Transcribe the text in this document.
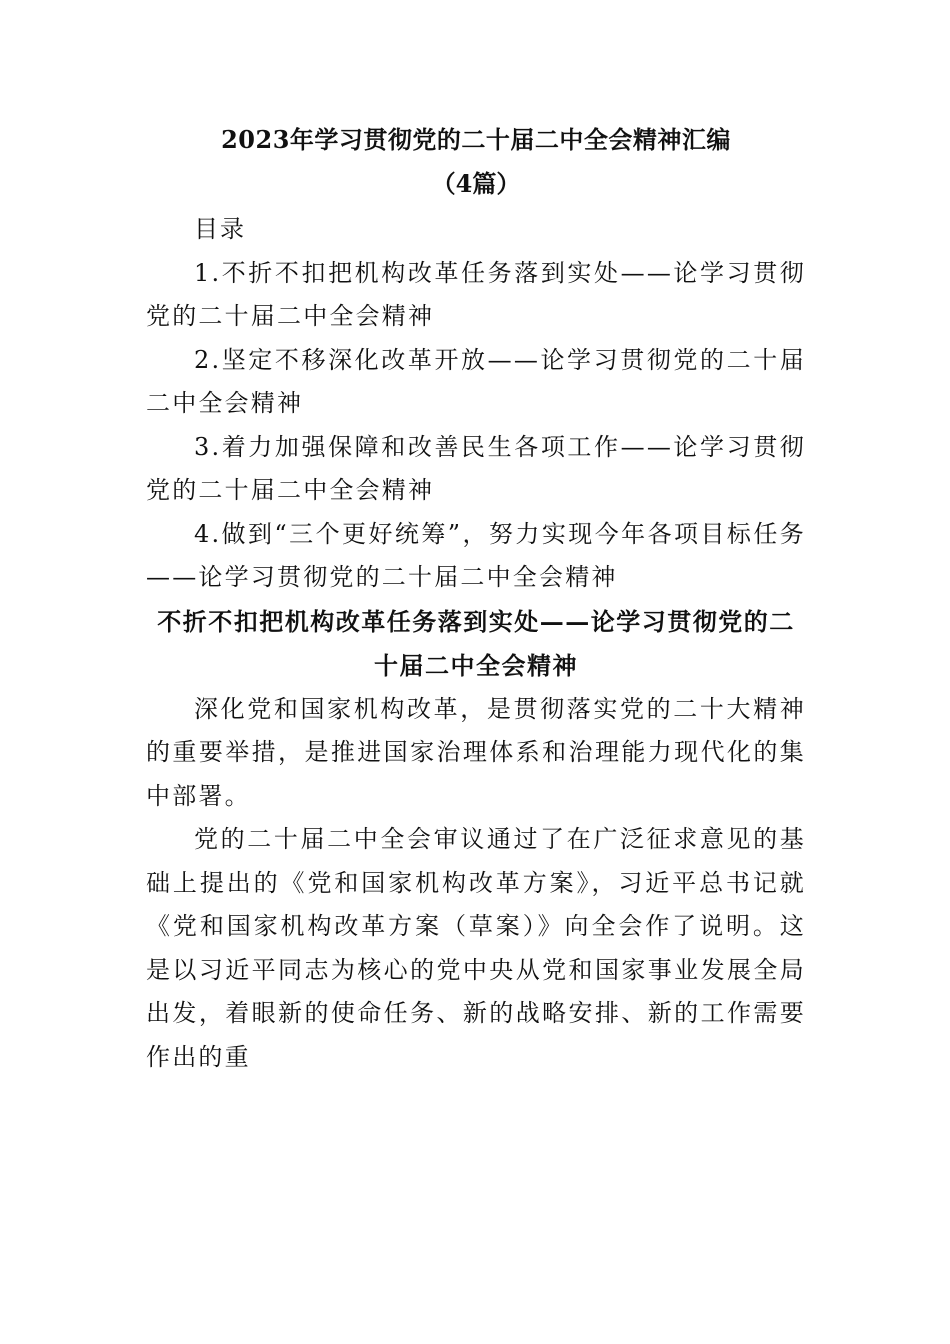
2023年学习贯彻党的二十届二中全会精神汇编
（4篇）

目录

1.不折不扣把机构改革任务落到实处——论学习贯彻党的二十届二中全会精神

2.坚定不移深化改革开放——论学习贯彻党的二十届二中全会精神

3.着力加强保障和改善民生各项工作——论学习贯彻党的二十届二中全会精神

4.做到“三个更好统筹”，努力实现今年各项目标任务——论学习贯彻党的二十届二中全会精神

不折不扣把机构改革任务落到实处——论学习贯彻党的二十届二中全会精神

深化党和国家机构改革，是贯彻落实党的二十大精神的重要举措，是推进国家治理体系和治理能力现代化的集中部署。

党的二十届二中全会审议通过了在广泛征求意见的基础上提出的《党和国家机构改革方案》，习近平总书记就《党和国家机构改革方案（草案）》向全会作了说明。这是以习近平同志为核心的党中央从党和国家事业发展全局出发，着眼新的使命任务、新的战略安排、新的工作需要作出的重
